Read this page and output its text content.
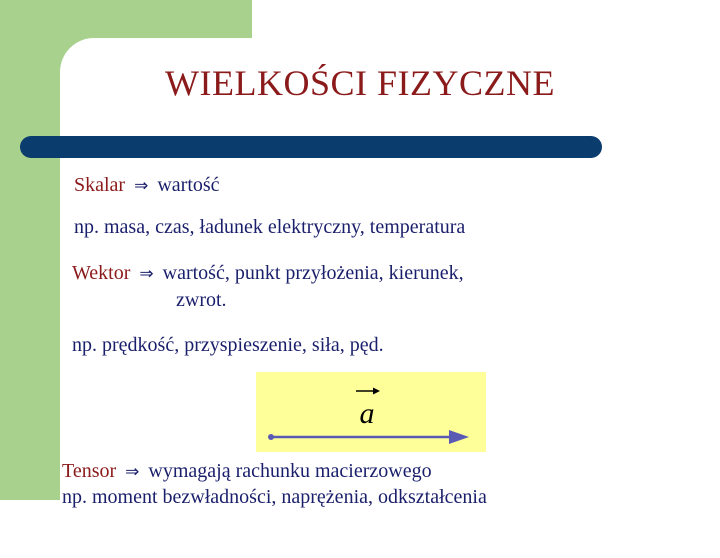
WIELKOŚCI FIZYCZNE
Skalar ⇒ wartość
np. masa, czas, ładunek elektryczny, temperatura
Wektor ⇒ wartość, punkt przyłożenia, kierunek,
zwrot.
np. prędkość, przyspieszenie, siła, pęd.
a
Tensor ⇒ wymagają rachunku macierzowego
np. moment bezwładności, naprężenia, odkształcenia
